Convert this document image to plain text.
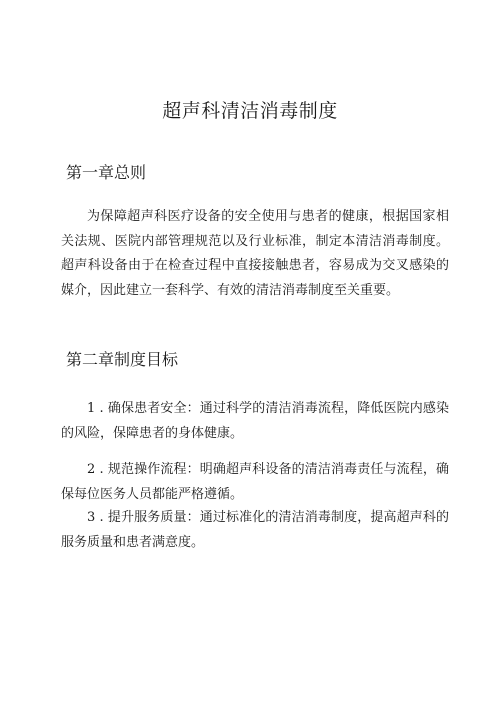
超声科清洁消毒制度
第一章总则

为保障超声科医疗设备的安全使用与患者的健康，根据国家相关法规、医院内部管理规范以及行业标准，制定本清洁消毒制度。超声科设备由于在检查过程中直接接触患者，容易成为交叉感染的媒介，因此建立一套科学、有效的清洁消毒制度至关重要。

第二章制度目标

1 . 确保患者安全：通过科学的清洁消毒流程，降低医院内感染的风险，保障患者的身体健康。

2 . 规范操作流程：明确超声科设备的清洁消毒责任与流程，确保每位医务人员都能严格遵循。

3 . 提升服务质量：通过标准化的清洁消毒制度，提高超声科的服务质量和患者满意度。
